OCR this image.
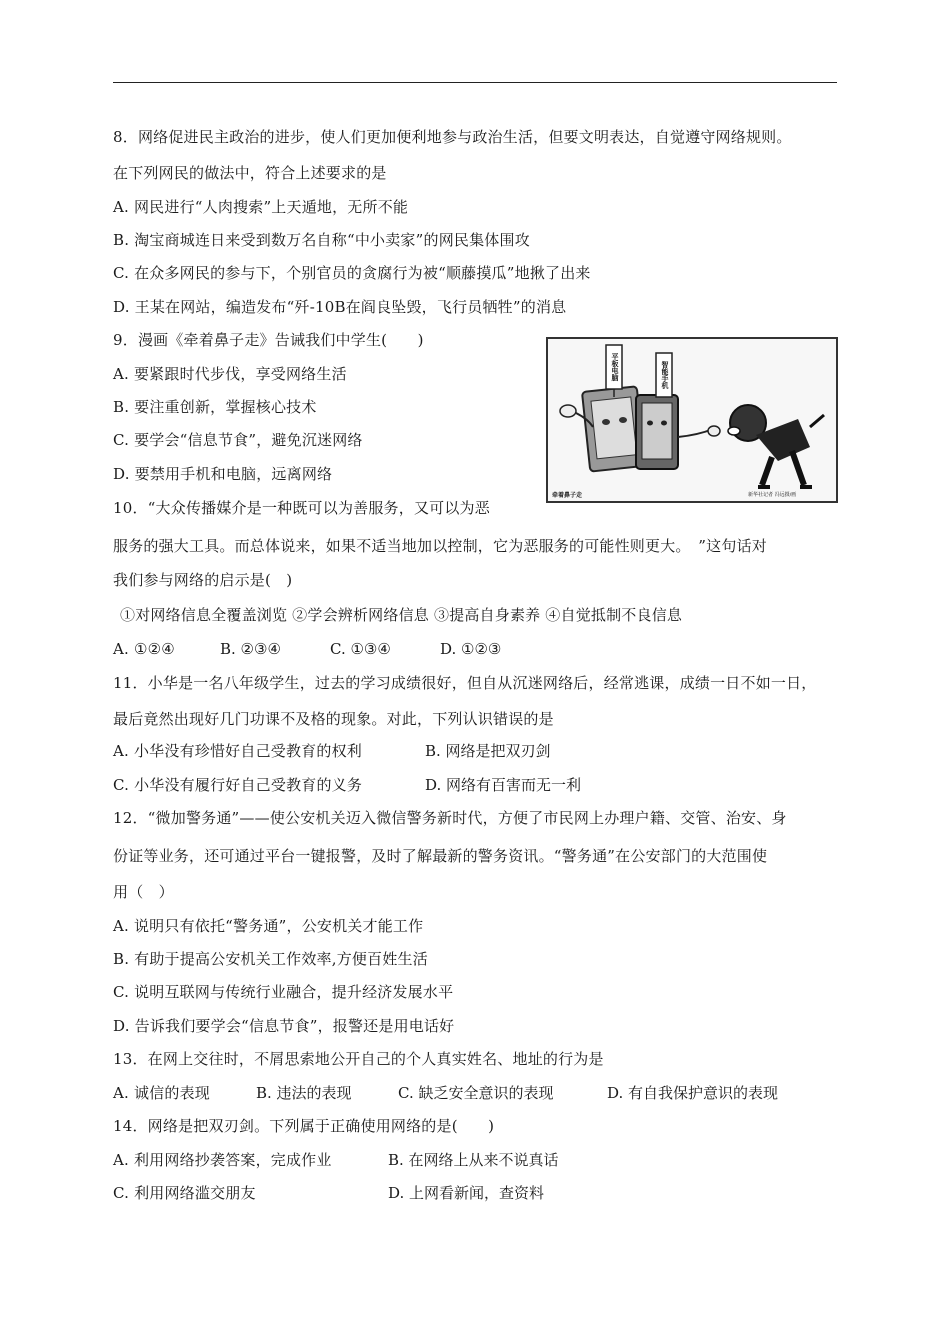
8．网络促进民主政治的进步，使人们更加便利地参与政治生活，但要文明表达，自觉遵守网络规则。
在下列网民的做法中，符合上述要求的是
A. 网民进行“人肉搜索”上天遁地，无所不能
B. 淘宝商城连日来受到数万名自称“中小卖家”的网民集体围攻
C. 在众多网民的参与下，个别官员的贪腐行为被“顺藤摸瓜”地揪了出来
D. 王某在网站，编造发布“歼-10B在阎良坠毁，飞行员牺牲”的消息
9．漫画《牵着鼻子走》告诫我们中学生(　　)
A. 要紧跟时代步伐，享受网络生活
B. 要注重创新，掌握核心技术
C. 要学会“信息节食”，避免沉迷网络
D. 要禁用手机和电脑，远离网络
平板电脑	智能手机
牵着鼻子走	新华社记者 冯远摄/画
10．“大众传播媒介是一种既可以为善服务，又可以为恶
服务的强大工具。而总体说来，如果不适当地加以控制，它为恶服务的可能性则更大。　”这句话对
我们参与网络的启示是(　)
①对网络信息全覆盖浏览 ②学会辨析网络信息 ③提高自身素养 ④自觉抵制不良信息
A. ①②④	B. ②③④	C. ①③④	D. ①②③
11．小华是一名八年级学生，过去的学习成绩很好，但自从沉迷网络后，经常逃课，成绩一日不如一日，
最后竟然出现好几门功课不及格的现象。对此，下列认识错误的是
A. 小华没有珍惜好自己受教育的权利	B. 网络是把双刃剑
C. 小华没有履行好自己受教育的义务	D. 网络有百害而无一利
12．“微加警务通”——使公安机关迈入微信警务新时代，方便了市民网上办理户籍、交管、治安、身
份证等业务，还可通过平台一键报警，及时了解最新的警务资讯。“警务通”在公安部门的大范围使
用（　）
A. 说明只有依托“警务通”，公安机关才能工作
B. 有助于提高公安机关工作效率,方便百姓生活
C. 说明互联网与传统行业融合，提升经济发展水平
D. 告诉我们要学会“信息节食”，报警还是用电话好
13．在网上交往时，不屑思索地公开自己的个人真实姓名、地址的行为是
A. 诚信的表现	B. 违法的表现	C. 缺乏安全意识的表现	D. 有自我保护意识的表现
14．网络是把双刃剑。下列属于正确使用网络的是(　　)
A. 利用网络抄袭答案，完成作业	B. 在网络上从来不说真话
C. 利用网络滥交朋友	D. 上网看新闻，查资料
